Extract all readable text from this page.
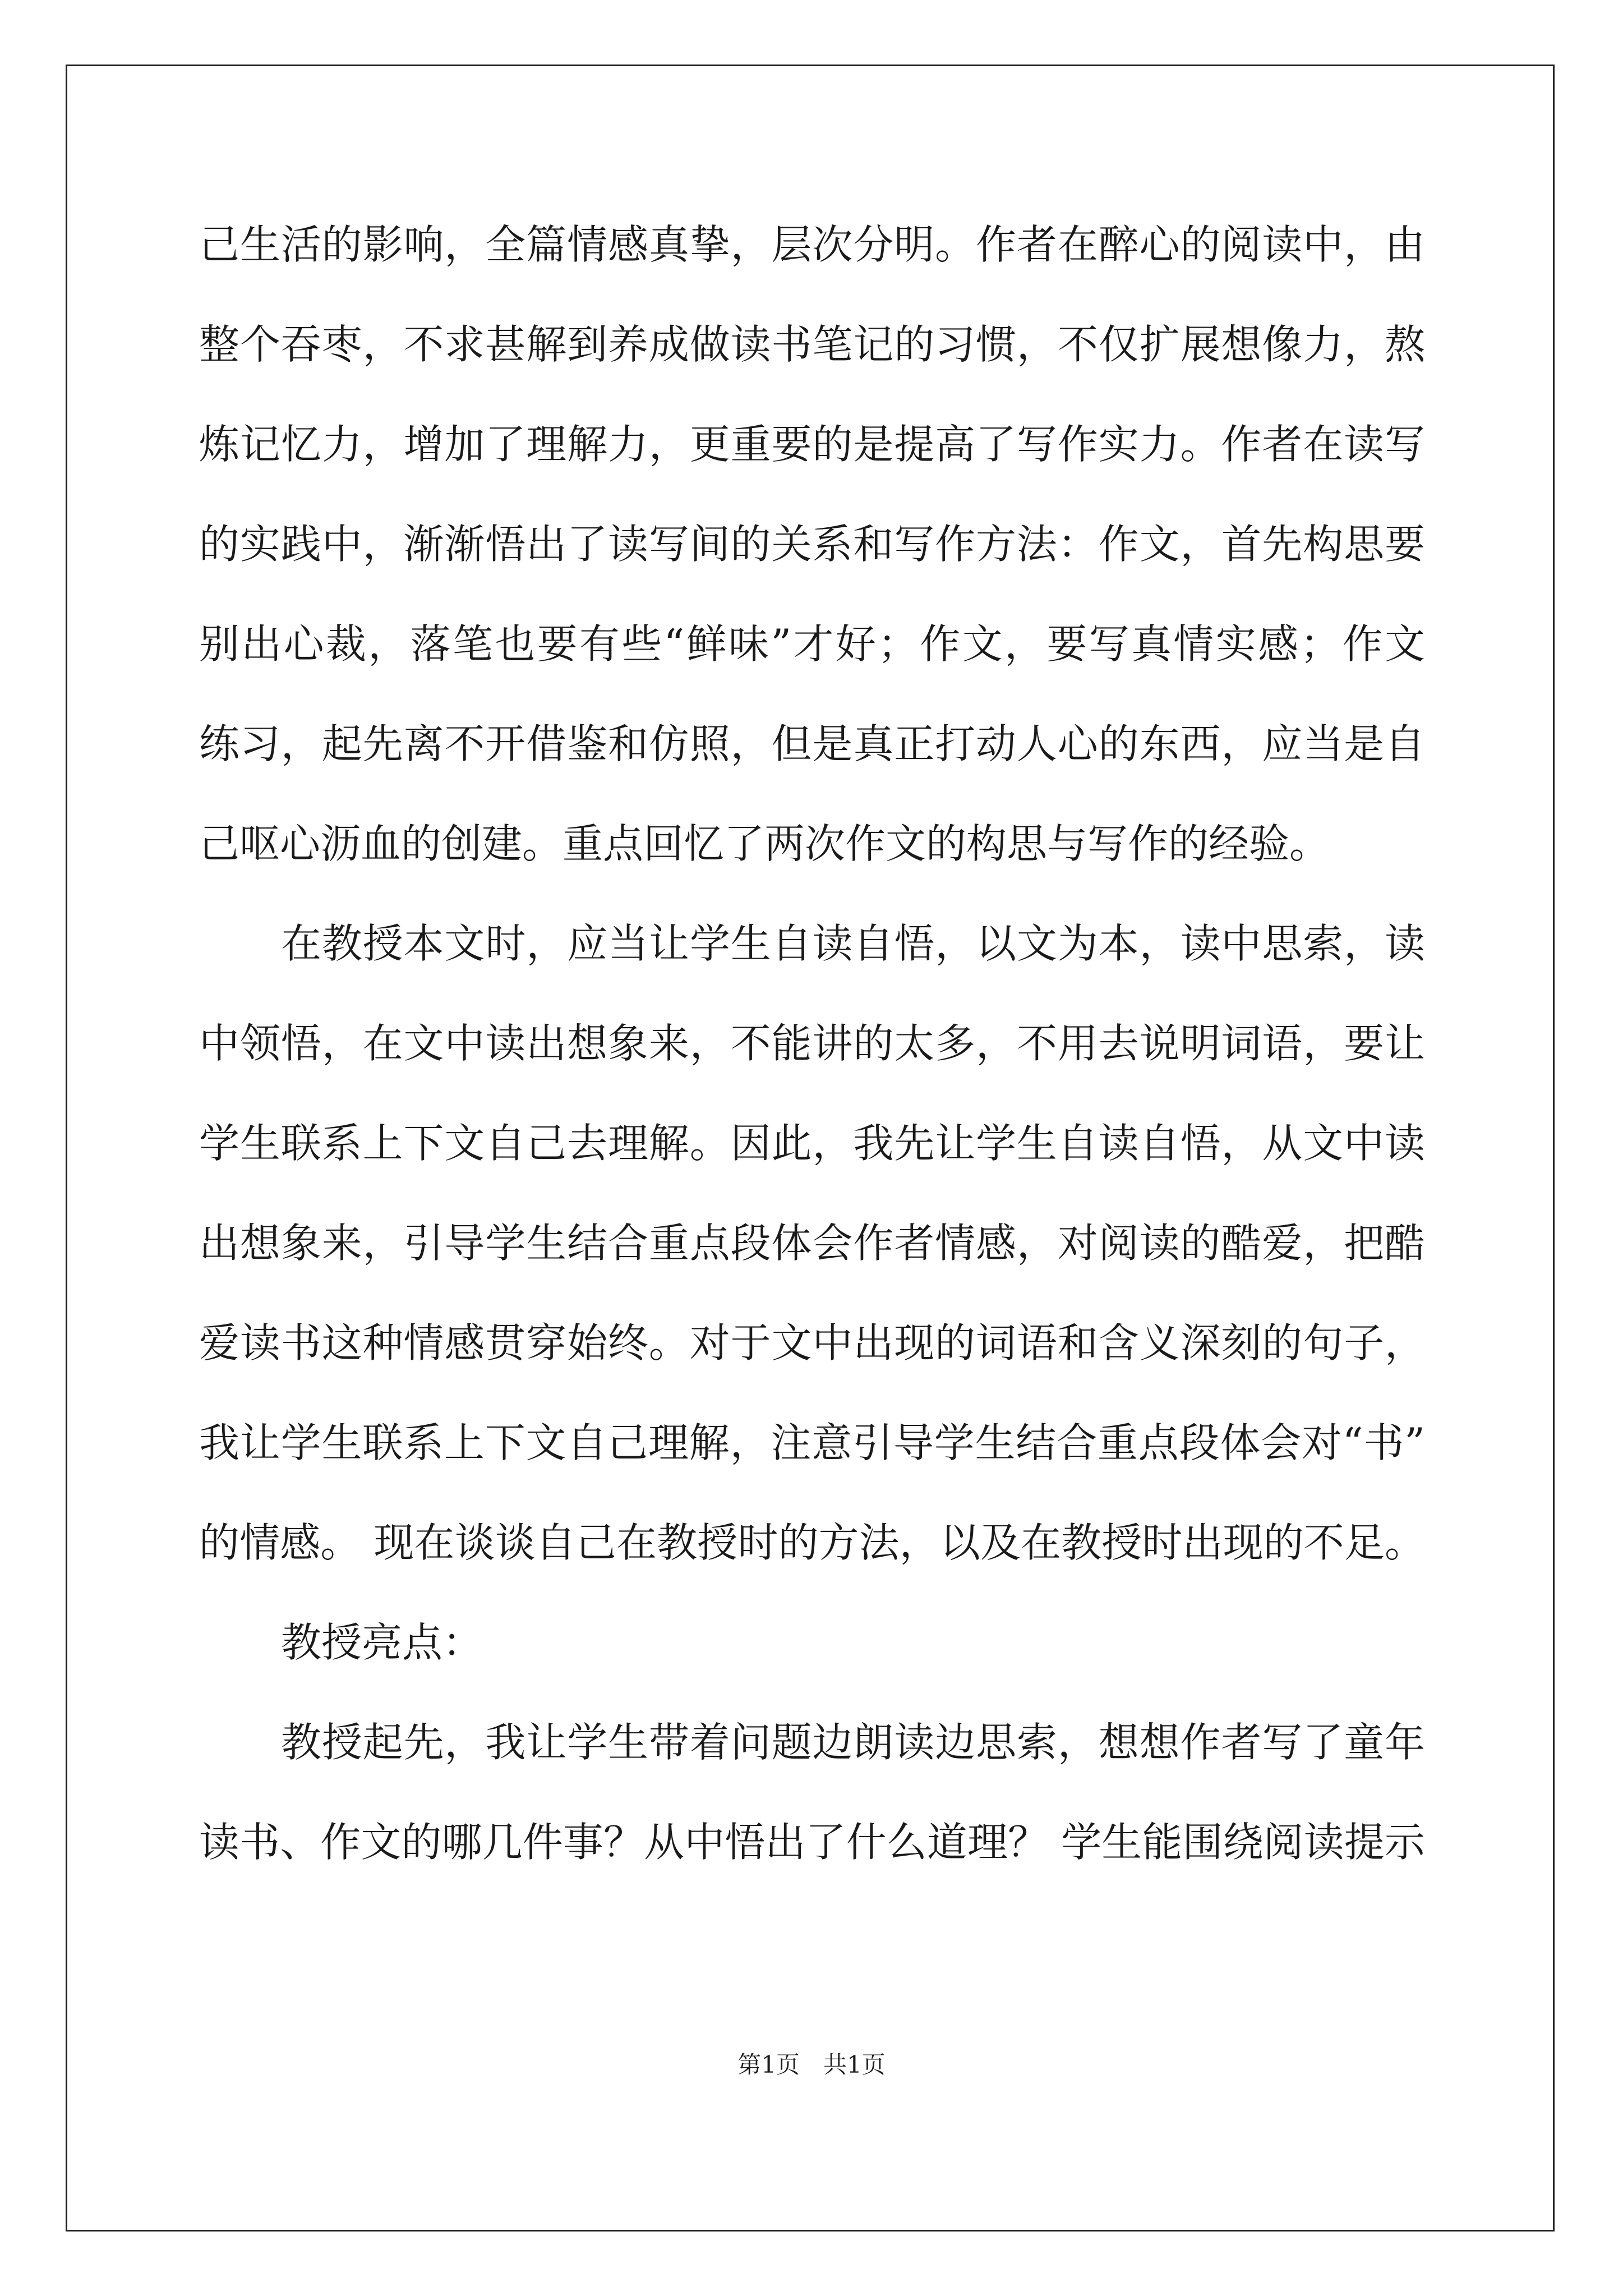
己生活的影响，全篇情感真挚，层次分明。作者在醉心的阅读中，由
整个吞枣，不求甚解到养成做读书笔记的习惯，不仅扩展想像力，熬
炼记忆力，增加了理解力，更重要的是提高了写作实力。作者在读写
的实践中，渐渐悟出了读写间的关系和写作方法：作文，首先构思要
别出心裁，落笔也要有些“鲜味”才好；作文，要写真情实感；作文
练习，起先离不开借鉴和仿照，但是真正打动人心的东西，应当是自
己呕心沥血的创建。重点回忆了两次作文的构思与写作的经验。
在教授本文时，应当让学生自读自悟，以文为本，读中思索，读
中领悟，在文中读出想象来，不能讲的太多，不用去说明词语，要让
学生联系上下文自己去理解。因此，我先让学生自读自悟，从文中读
出想象来，引导学生结合重点段体会作者情感，对阅读的酷爱，把酷
爱读书这种情感贯穿始终。对于文中出现的词语和含义深刻的句子，
我让学生联系上下文自己理解，注意引导学生结合重点段体会对“书”
的情感。 现在谈谈自己在教授时的方法，以及在教授时出现的不足。
教授亮点：
教授起先，我让学生带着问题边朗读边思索，想想作者写了童年
读书、作文的哪几件事？从中悟出了什么道理？ 学生能围绕阅读提示
第1页　共1页
